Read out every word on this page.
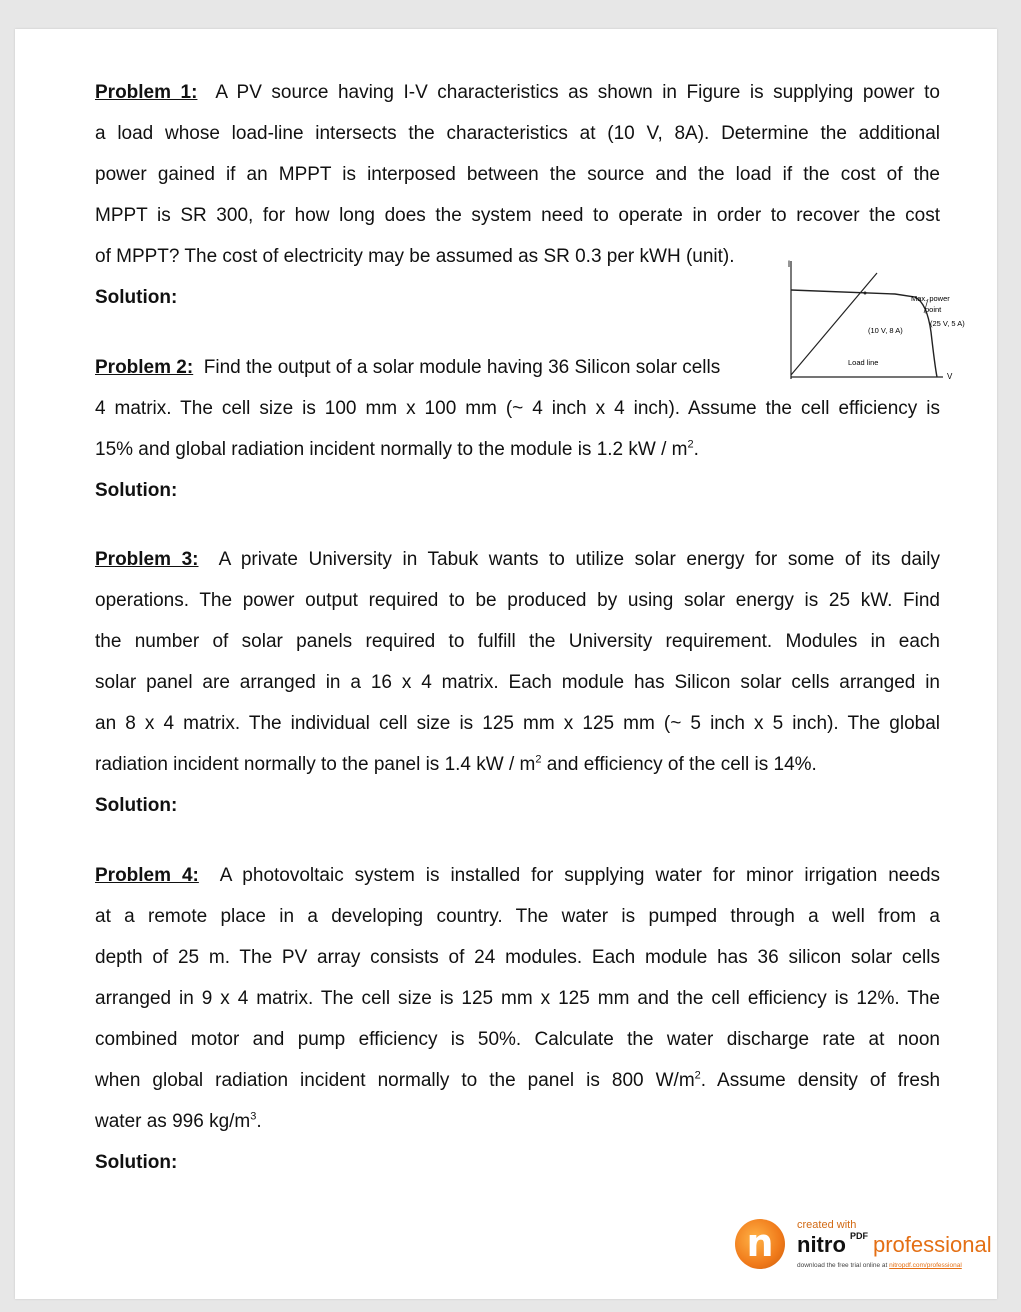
Problem 1: A PV source having I-V characteristics as shown in Figure is supplying power to
a load whose load-line intersects the characteristics at (10 V, 8A). Determine the additional
power gained if an MPPT is interposed between the source and the load if the cost of the
MPPT is SR 300, for how long does the system need to operate in order to recover the cost
of MPPT? The cost of electricity may be assumed as SR 0.3 per kWH (unit).
Solution:
I
V
Max. power
point
(25 V, 5 A)
(10 V, 8 A)
Load line
Problem 2: Find the output of a solar module having 36 Silicon solar cells
4 matrix. The cell size is 100 mm x 100 mm (~ 4 inch x 4 inch). Assume the cell efficiency is
15% and global radiation incident normally to the module is 1.2 kW / $m^2$.
Solution:
Problem 3: A private University in Tabuk wants to utilize solar energy for some of its daily
operations. The power output required to be produced by using solar energy is 25 kW. Find
the number of solar panels required to fulfill the University requirement. Modules in each
solar panel are arranged in a 16 x 4 matrix. Each module has Silicon solar cells arranged in
an 8 x 4 matrix. The individual cell size is 125 mm x 125 mm (~ 5 inch x 5 inch). The global
radiation incident normally to the panel is 1.4 kW / $m^2$ and efficiency of the cell is 14%.
Solution:
Problem 4: A photovoltaic system is installed for supplying water for minor irrigation needs
at a remote place in a developing country. The water is pumped through a well from a
depth of 25 m. The PV array consists of 24 modules. Each module has 36 silicon solar cells
arranged in 9 x 4 matrix. The cell size is 125 mm x 125 mm and the cell efficiency is 12%. The
combined motor and pump efficiency is 50%. Calculate the water discharge rate at noon
when global radiation incident normally to the panel is 800 $W/m^2$. Assume density of fresh
water as 996 $kg/m^3$.
Solution:
n	created with
nitro PDF professional
download the free trial online at nitropdf.com/professional
